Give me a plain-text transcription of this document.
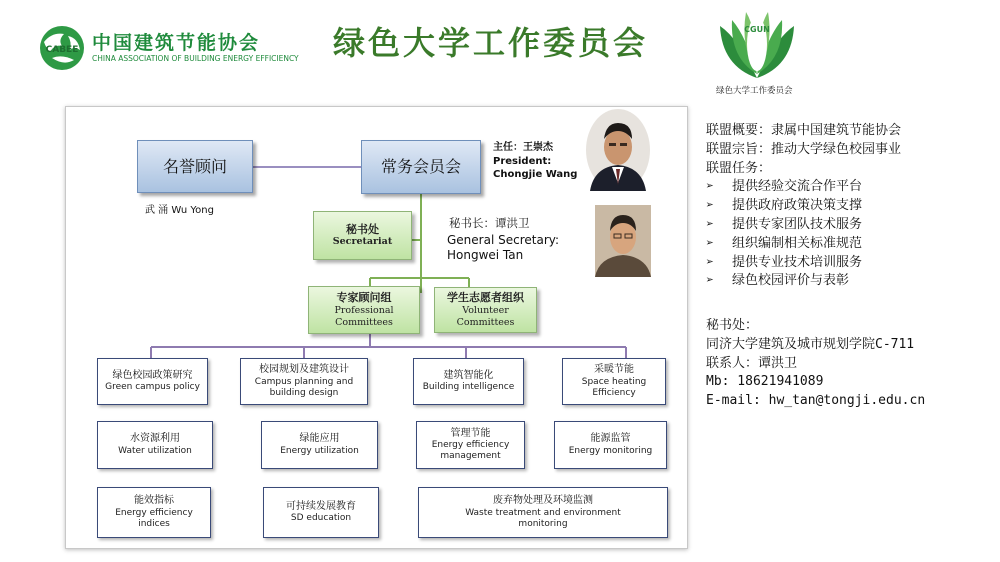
CABEE 中国建筑节能协会
CHINA ASSOCIATION OF BUILDING ENERGY EFFICIENCY 绿色大学工作委员会	CGUN
绿色大学工作委员会
名誉顾问
武 涌 Wu Yong
常务会员会
主任：王崇杰
President:
Chongjie Wang
秘书处
Secretariat
秘书长：谭洪卫
General Secretary:
Hongwei Tan
专家顾问组
Professional
Committees
学生志愿者组织
Volunteer
Committees
绿色校园政策研究
Green campus policy
校园规划及建筑设计
Campus planning and
building design
建筑智能化
Building intelligence
采暖节能
Space heating
Efficiency
水资源利用
Water utilization
绿能应用
Energy utilization
管理节能
Energy efficiency
management
能源监管
Energy monitoring
能效指标
Energy efficiency
indices
可持续发展教育
SD education
废弃物处理及环境监测
Waste treatment and environment
monitoring
联盟概要：隶属中国建筑节能协会
联盟宗旨：推动大学绿色校园事业
联盟任务：
➢ 提供经验交流合作平台
➢ 提供政府政策决策支撑
➢ 提供专家团队技术服务
➢ 组织编制相关标准规范
➢ 提供专业技术培训服务
➢ 绿色校园评价与表彰
秘书处：
同济大学建筑及城市规划学院C-711
联系人：谭洪卫
Mb: 18621941089
E-mail: hw_tan@tongji.edu.cn
